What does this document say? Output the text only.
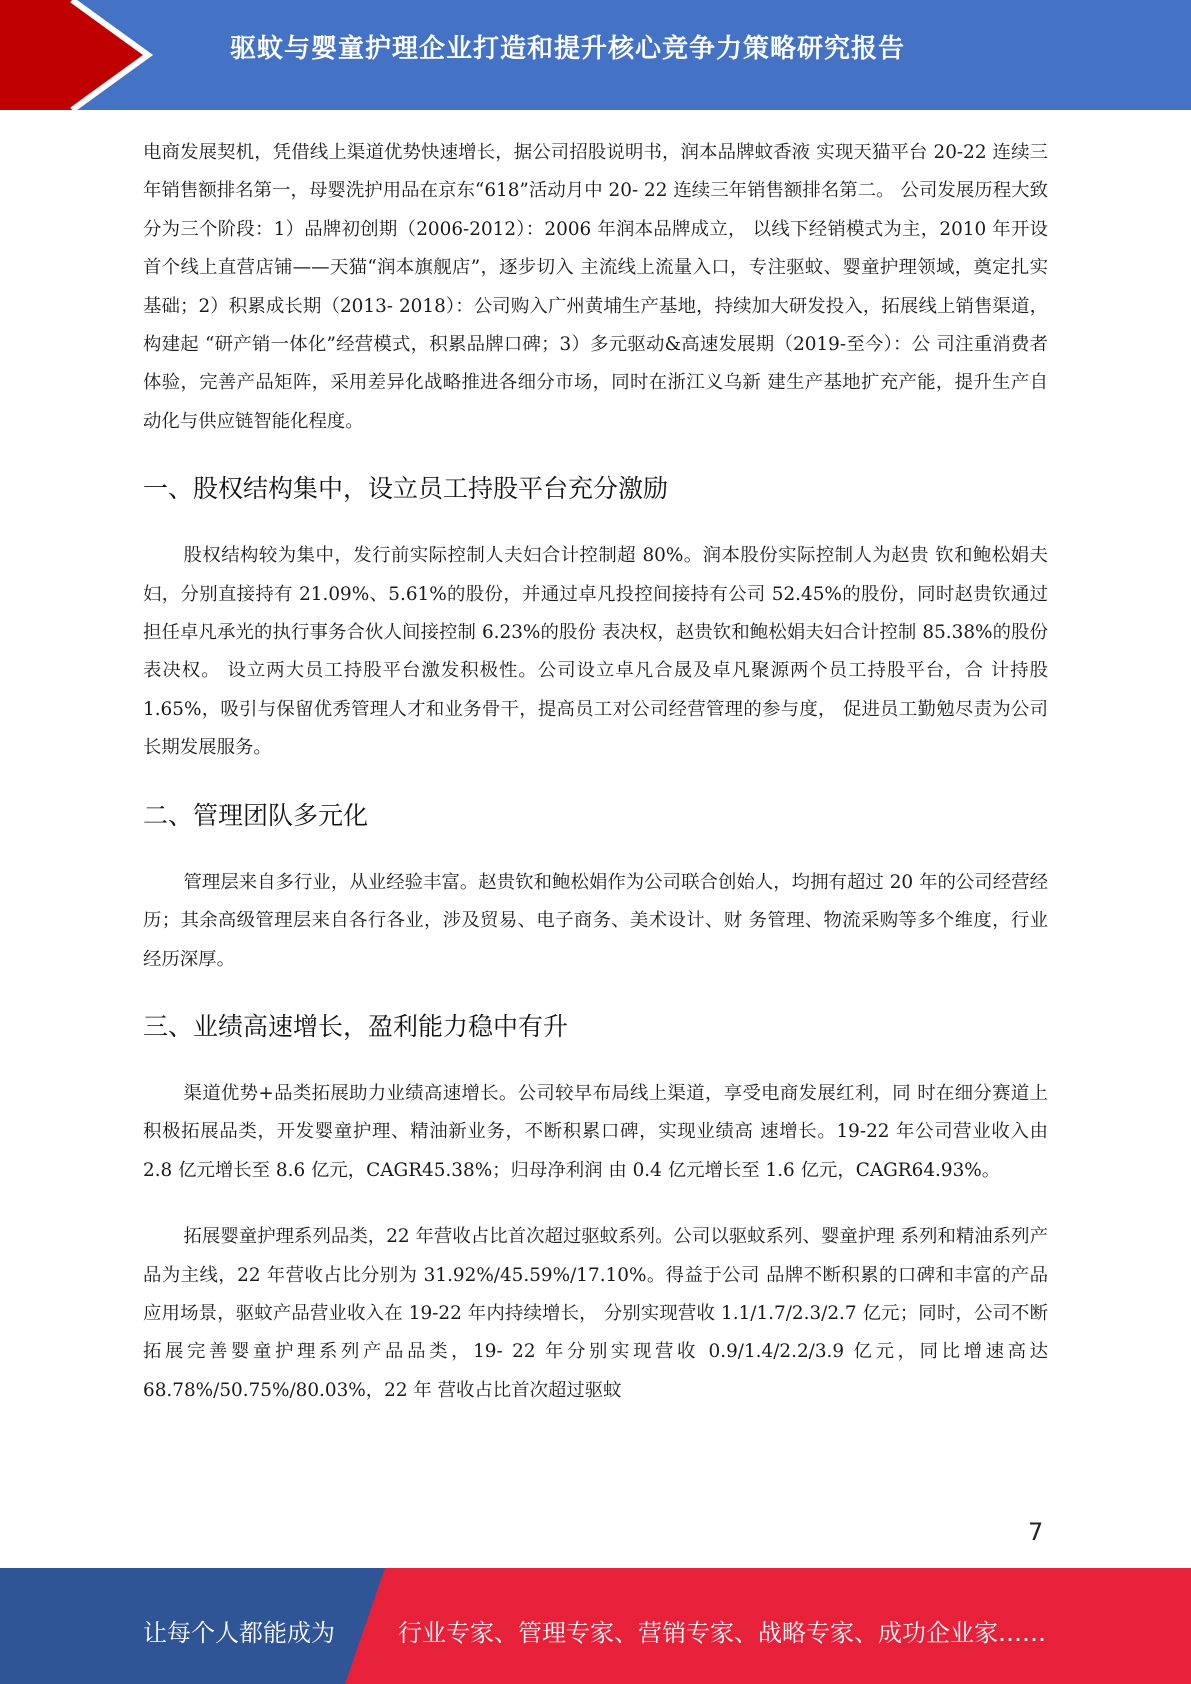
驱蚊与婴童护理企业打造和提升核心竞争力策略研究报告

电商发展契机，凭借线上渠道优势快速增长，据公司招股说明书，润本品牌蚊香液 实现天猫平台 20-22 连续三年销售额排名第一，母婴洗护用品在京东“618”活动月中 20- 22 连续三年销售额排名第二。 公司发展历程大致分为三个阶段：1）品牌初创期（2006-2012）：2006 年润本品牌成立， 以线下经销模式为主，2010 年开设首个线上直营店铺——天猫“润本旗舰店”，逐步切入 主流线上流量入口，专注驱蚊、婴童护理领域，奠定扎实基础；2）积累成长期（2013- 2018）：公司购入广州黄埔生产基地，持续加大研发投入，拓展线上销售渠道，构建起 “研产销一体化”经营模式，积累品牌口碑；3）多元驱动&高速发展期（2019-至今）：公 司注重消费者体验，完善产品矩阵，采用差异化战略推进各细分市场，同时在浙江义乌新 建生产基地扩充产能，提升生产自动化与供应链智能化程度。

一、股权结构集中，设立员工持股平台充分激励

股权结构较为集中，发行前实际控制人夫妇合计控制超 80%。润本股份实际控制人为赵贵 钦和鲍松娟夫妇，分别直接持有 21.09%、5.61%的股份，并通过卓凡投控间接持有公司 52.45%的股份，同时赵贵钦通过担任卓凡承光的执行事务合伙人间接控制 6.23%的股份 表决权，赵贵钦和鲍松娟夫妇合计控制 85.38%的股份表决权。 设立两大员工持股平台激发积极性。公司设立卓凡合晟及卓凡聚源两个员工持股平台，合 计持股 1.65%，吸引与保留优秀管理人才和业务骨干，提高员工对公司经营管理的参与度， 促进员工勤勉尽责为公司长期发展服务。

二、管理团队多元化

管理层来自多行业，从业经验丰富。赵贵钦和鲍松娟作为公司联合创始人，均拥有超过 20 年的公司经营经历；其余高级管理层来自各行各业，涉及贸易、电子商务、美术设计、财 务管理、物流采购等多个维度，行业经历深厚。

三、业绩高速增长，盈利能力稳中有升

渠道优势+品类拓展助力业绩高速增长。公司较早布局线上渠道，享受电商发展红利，同 时在细分赛道上积极拓展品类，开发婴童护理、精油新业务，不断积累口碑，实现业绩高 速增长。19-22 年公司营业收入由 2.8 亿元增长至 8.6 亿元，CAGR45.38%；归母净利润 由 0.4 亿元增长至 1.6 亿元，CAGR64.93%。

拓展婴童护理系列品类，22 年营收占比首次超过驱蚊系列。公司以驱蚊系列、婴童护理 系列和精油系列产品为主线，22 年营收占比分别为 31.92%/45.59%/17.10%。得益于公司 品牌不断积累的口碑和丰富的产品应用场景，驱蚊产品营业收入在 19-22 年内持续增长， 分别实现营收 1.1/1.7/2.3/2.7 亿元；同时，公司不断拓展完善婴童护理系列产品品类，19- 22 年分别实现营收 0.9/1.4/2.2/3.9 亿元，同比增速高达 68.78%/50.75%/80.03%，22 年 营收占比首次超过驱蚊

7
让每个人都能成为	行业专家、管理专家、营销专家、战略专家、成功企业家……
